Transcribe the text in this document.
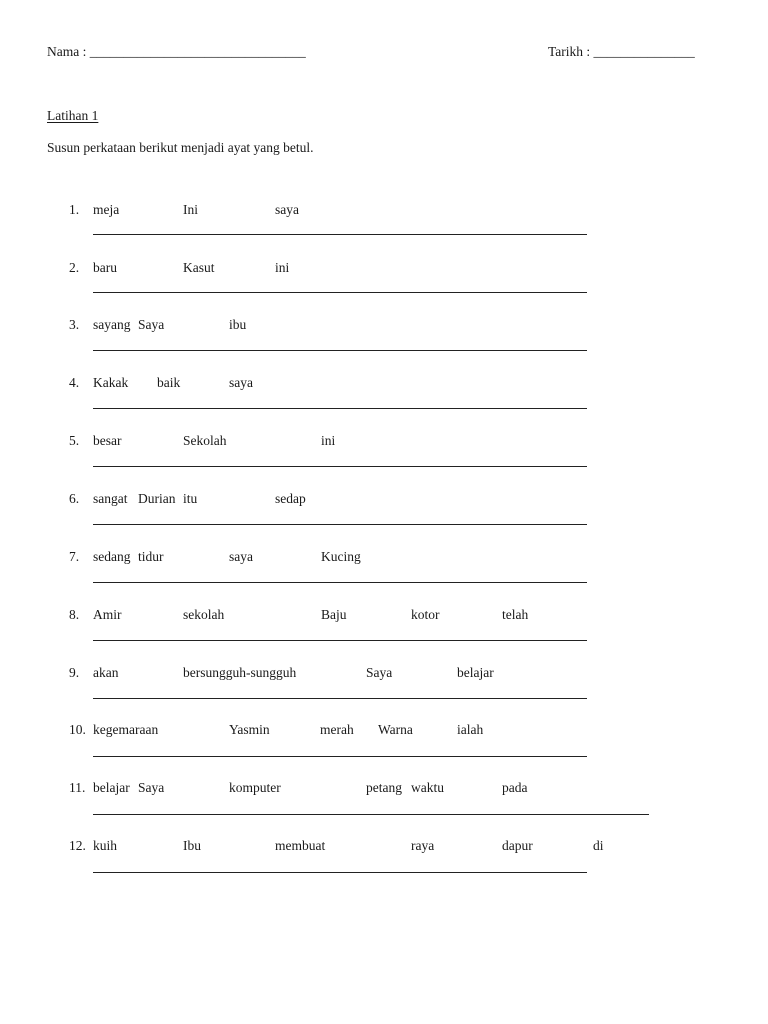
Nama : ________________________________	Tarikh : _______________
Latihan 1
Susun perkataan berikut menjadi ayat yang betul.
1. meja	Ini	saya
2. baru	Kasut	ini
3. sayang Saya	ibu
4. Kakak baik	saya
5. besar	Sekolah	ini
6. sangat Durian itu	sedap
7. sedang tidur	saya	Kucing
8. Amir	sekolah	Baju	kotor	telah
9. akan	bersungguh-sungguh	Saya	belajar
10. kegemaraan	Yasmin	merah Warna	ialah
11. belajar Saya	komputer	petang waktu	pada
12. kuih	Ibu	membuat	raya	dapur	di
